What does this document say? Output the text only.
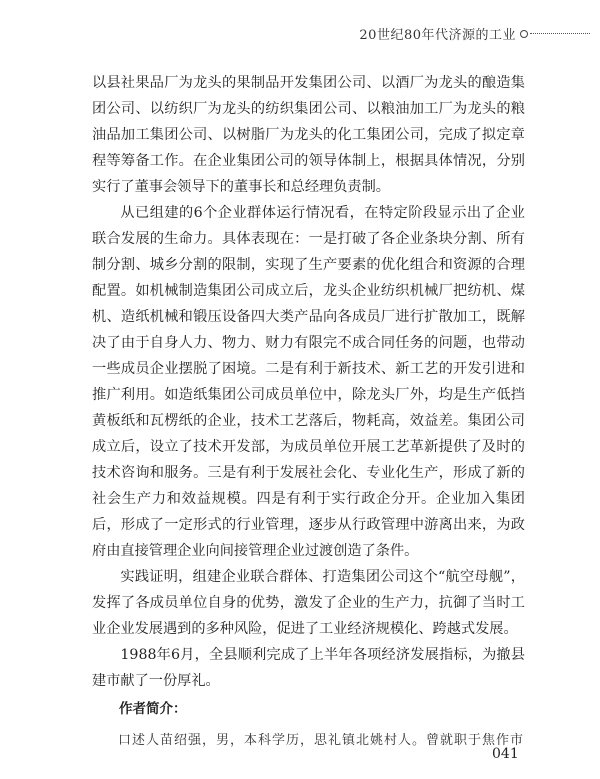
20世纪80年代济源的工业

以县社果品厂为龙头的果制品开发集团公司、以酒厂为龙头的酿造集团公司、以纺织厂为龙头的纺织集团公司、以粮油加工厂为龙头的粮油品加工集团公司、以树脂厂为龙头的化工集团公司，完成了拟定章程等筹备工作。在企业集团公司的领导体制上，根据具体情况，分别实行了董事会领导下的董事长和总经理负责制。

从已组建的6个企业群体运行情况看，在特定阶段显示出了企业联合发展的生命力。具体表现在：一是打破了各企业条块分割、所有制分割、城乡分割的限制，实现了生产要素的优化组合和资源的合理配置。如机械制造集团公司成立后，龙头企业纺织机械厂把纺机、煤机、造纸机械和锻压设备四大类产品向各成员厂进行扩散加工，既解决了由于自身人力、物力、财力有限完不成合同任务的问题，也带动一些成员企业摆脱了困境。二是有利于新技术、新工艺的开发引进和推广利用。如造纸集团公司成员单位中，除龙头厂外，均是生产低挡黄板纸和瓦楞纸的企业，技术工艺落后，物耗高，效益差。集团公司成立后，设立了技术开发部，为成员单位开展工艺革新提供了及时的技术咨询和服务。三是有利于发展社会化、专业化生产，形成了新的社会生产力和效益规模。四是有利于实行政企分开。企业加入集团后，形成了一定形式的行业管理，逐步从行政管理中游离出来，为政府由直接管理企业向间接管理企业过渡创造了条件。

实践证明，组建企业联合群体、打造集团公司这个“航空母舰”，发挥了各成员单位自身的优势，激发了企业的生产力，抗御了当时工业企业发展遇到的多种风险，促进了工业经济规模化、跨越式发展。

1988年6月，全县顺利完成了上半年各项经济发展指标，为撤县建市献了一份厚礼。

作者简介：

口述人苗绍强，男，本科学历，思礼镇北姚村人。曾就职于焦作市

041
